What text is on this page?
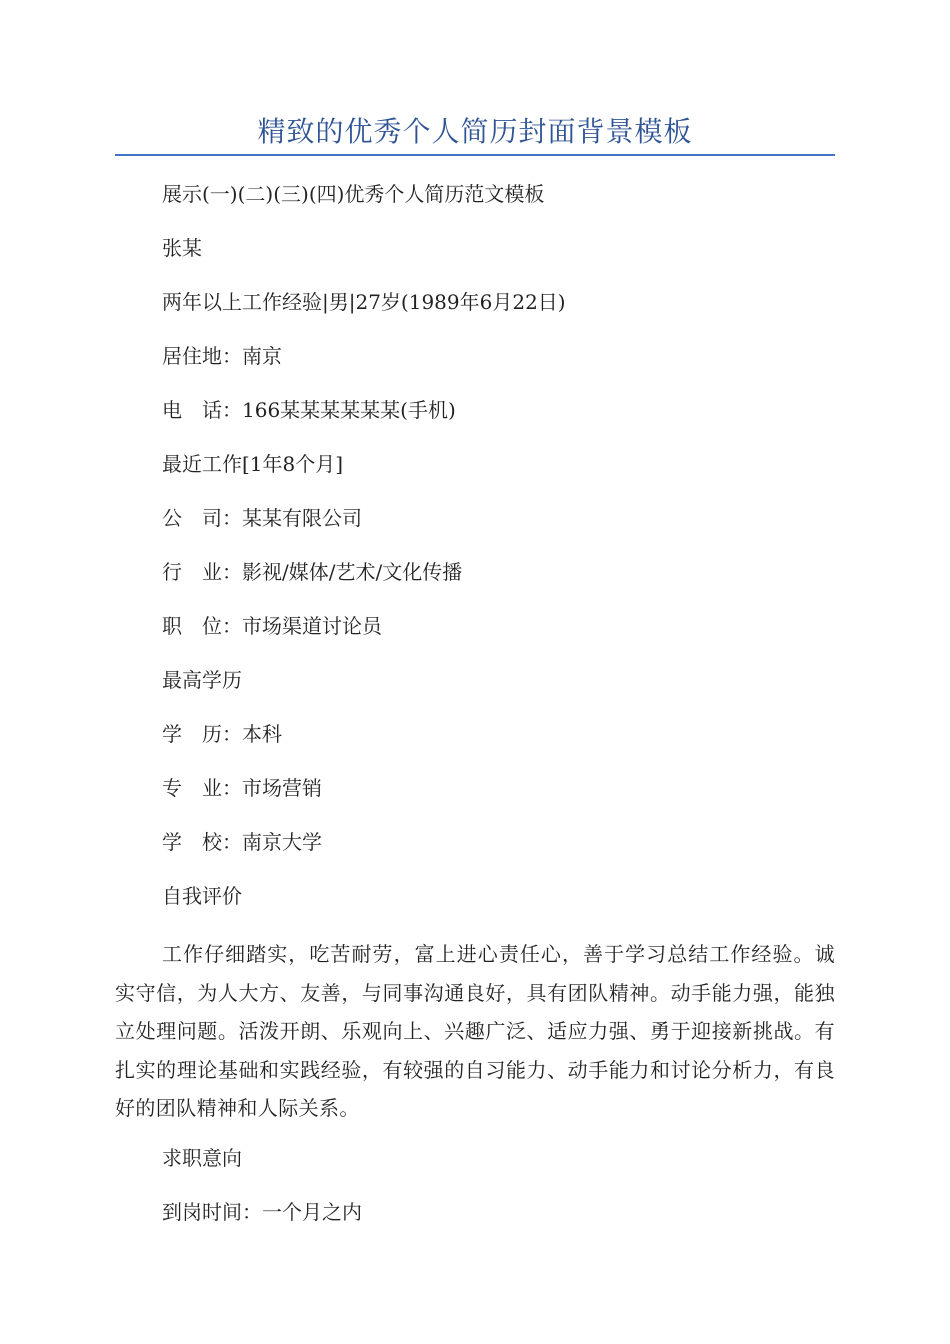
精致的优秀个人简历封面背景模板
展示(一)(二)(三)(四)优秀个人简历范文模板
张某
两年以上工作经验|男|27岁(1989年6月22日)
居住地：南京
电　话：166某某某某某某(手机)
最近工作[1年8个月]
公　司：某某有限公司
行　业：影视/媒体/艺术/文化传播
职　位：市场渠道讨论员
最高学历
学　历：本科
专　业：市场营销
学　校：南京大学
自我评价
工作仔细踏实，吃苦耐劳，富上进心责任心，善于学习总结工作经验。诚实守信，为人大方、友善，与同事沟通良好，具有团队精神。动手能力强，能独立处理问题。活泼开朗、乐观向上、兴趣广泛、适应力强、勇于迎接新挑战。有扎实的理论基础和实践经验，有较强的自习能力、动手能力和讨论分析力，有良好的团队精神和人际关系。
求职意向
到岗时间：一个月之内
